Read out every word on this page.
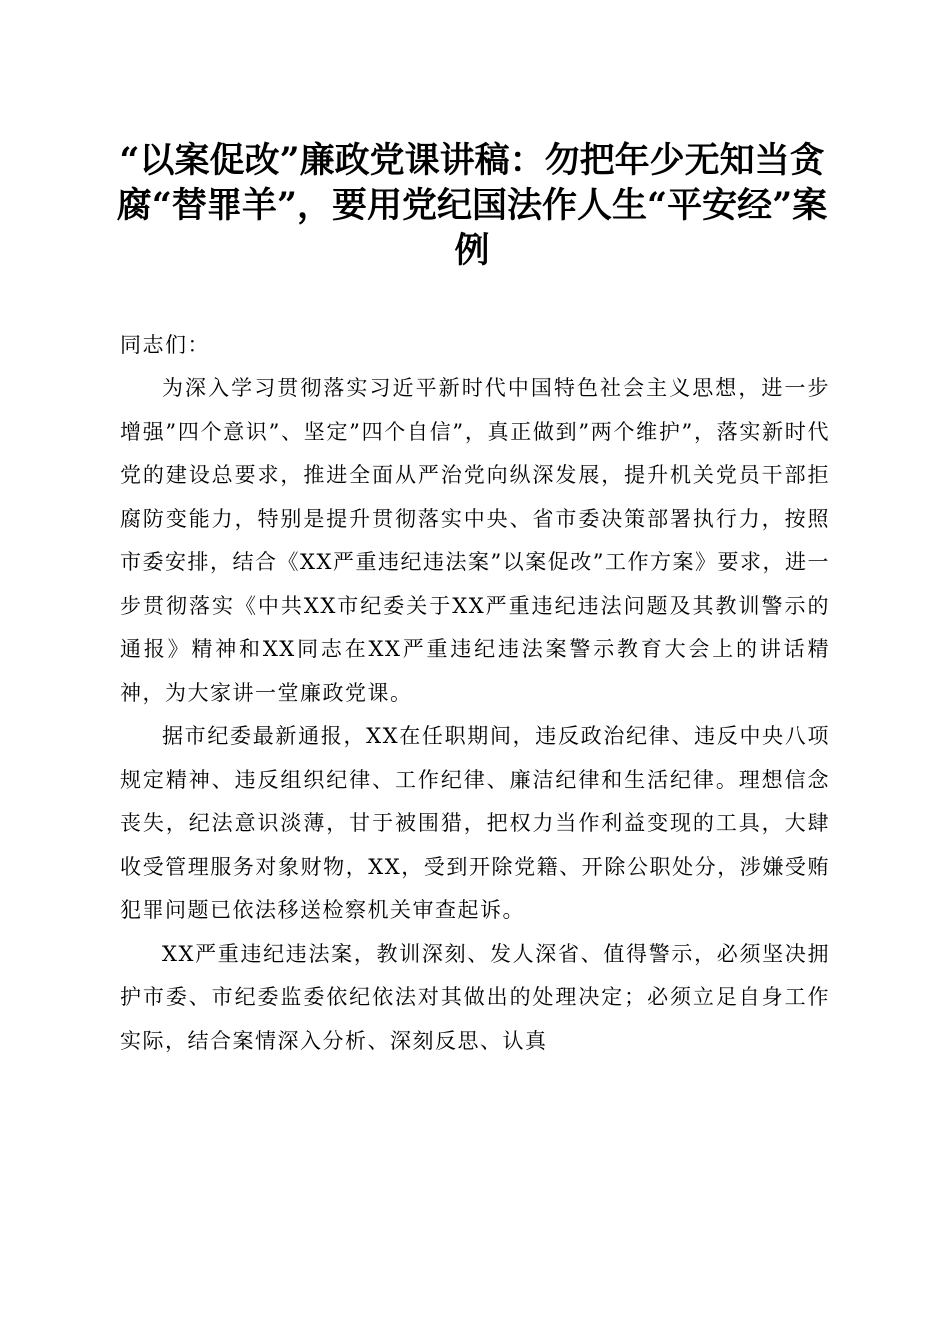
“以案促改”廉政党课讲稿：勿把年少无知当贪腐“替罪羊”，要用党纪国法作人生“平安经”案例
同志们：

为深入学习贯彻落实习近平新时代中国特色社会主义思想，进一步增强”四个意识”、坚定”四个自信”，真正做到”两个维护”，落实新时代党的建设总要求，推进全面从严治党向纵深发展，提升机关党员干部拒腐防变能力，特别是提升贯彻落实中央、省市委决策部署执行力，按照市委安排，结合《XX严重违纪违法案”以案促改”工作方案》要求，进一步贯彻落实《中共XX市纪委关于XX严重违纪违法问题及其教训警示的通报》精神和XX同志在XX严重违纪违法案警示教育大会上的讲话精神，为大家讲一堂廉政党课。

据市纪委最新通报，XX在任职期间，违反政治纪律、违反中央八项规定精神、违反组织纪律、工作纪律、廉洁纪律和生活纪律。理想信念丧失，纪法意识淡薄，甘于被围猎，把权力当作利益变现的工具，大肆收受管理服务对象财物，XX，受到开除党籍、开除公职处分，涉嫌受贿犯罪问题已依法移送检察机关审查起诉。

XX严重违纪违法案，教训深刻、发人深省、值得警示，必须坚决拥护市委、市纪委监委依纪依法对其做出的处理决定；必须立足自身工作实际，结合案情深入分析、深刻反思、认真
